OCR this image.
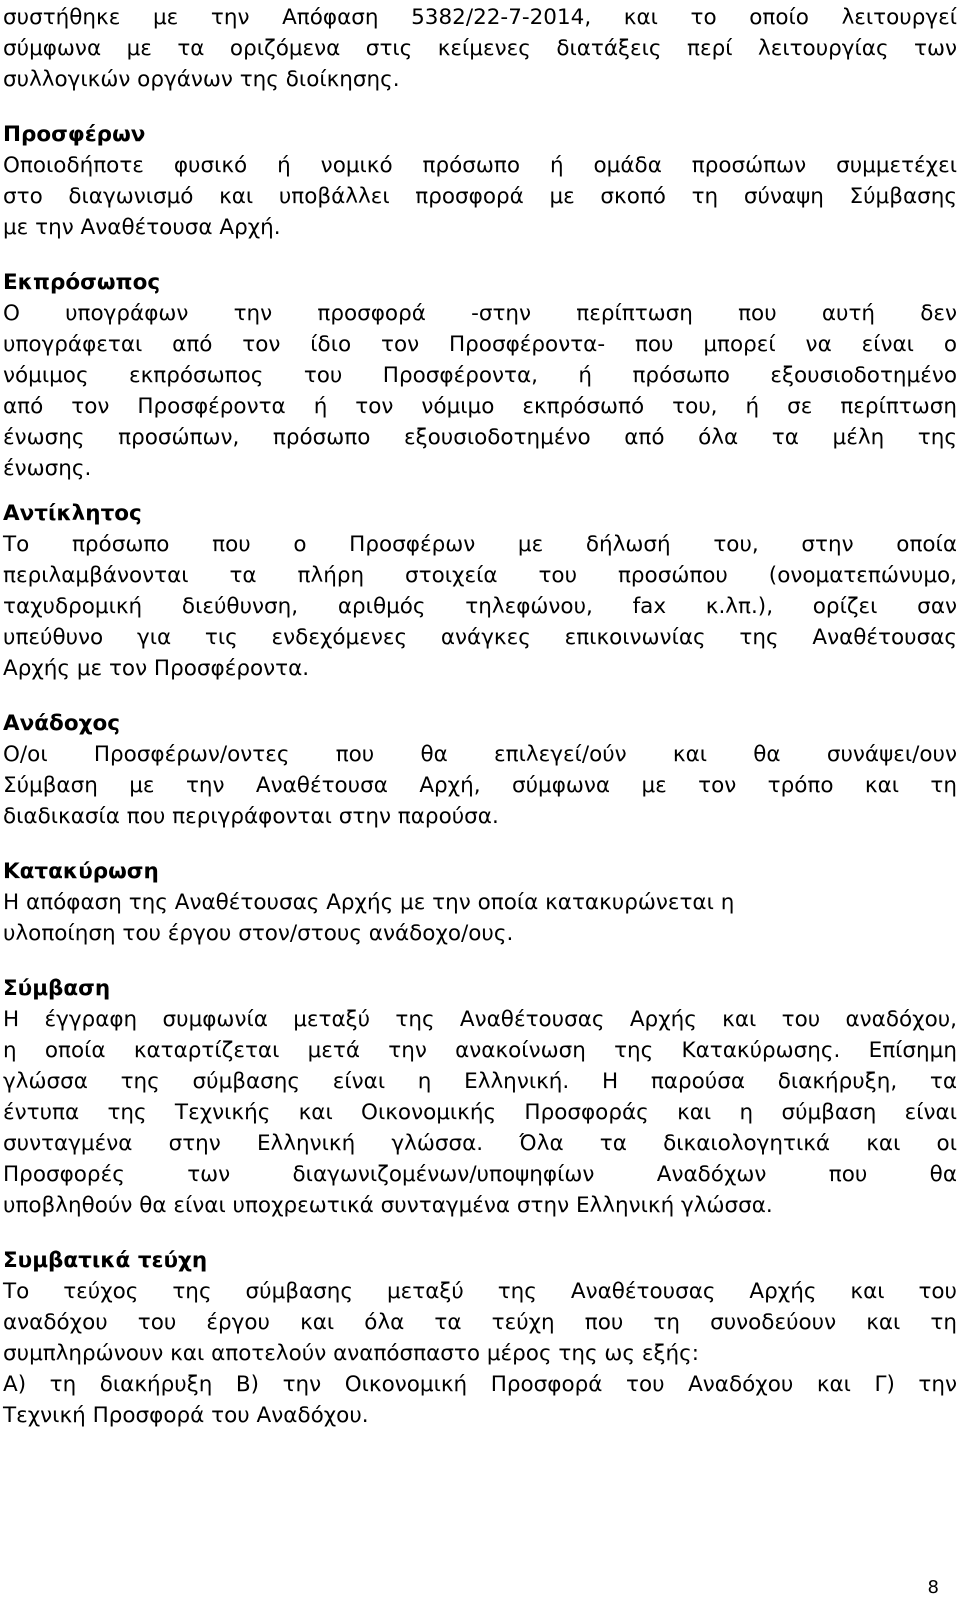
συστήθηκε με την Απόφαση 5382/22-7-2014, και το οποίο λειτουργεί
σύμφωνα με τα οριζόμενα στις κείμενες διατάξεις περί λειτουργίας των
συλλογικών οργάνων της διοίκησης.
Προσφέρων
Οποιοδήποτε φυσικό ή νομικό πρόσωπο ή ομάδα προσώπων συμμετέχει
στο διαγωνισμό και υποβάλλει προσφορά με σκοπό τη σύναψη Σύμβασης
με την Αναθέτουσα Αρχή.
Εκπρόσωπος
Ο υπογράφων την προσφορά -στην περίπτωση που αυτή δεν
υπογράφεται από τον ίδιο τον Προσφέροντα- που μπορεί να είναι ο
νόμιμος εκπρόσωπος του Προσφέροντα, ή πρόσωπο εξουσιοδοτημένο
από τον Προσφέροντα ή τον νόμιμο εκπρόσωπό του, ή σε περίπτωση
ένωσης προσώπων, πρόσωπο εξουσιοδοτημένο από όλα τα μέλη της
ένωσης.
Αντίκλητος
Το πρόσωπο που ο Προσφέρων με δήλωσή του, στην οποία
περιλαμβάνονται τα πλήρη στοιχεία του προσώπου (ονοματεπώνυμο,
ταχυδρομική διεύθυνση, αριθμός τηλεφώνου, fax κ.λπ.), ορίζει σαν
υπεύθυνο για τις ενδεχόμενες ανάγκες επικοινωνίας της Αναθέτουσας
Αρχής με τον Προσφέροντα.
Ανάδοχος
Ο/οι Προσφέρων/οντες που θα επιλεγεί/ούν και θα συνάψει/ουν
Σύμβαση με την Αναθέτουσα Αρχή, σύμφωνα με τον τρόπο και τη
διαδικασία που περιγράφονται στην παρούσα.
Κατακύρωση
Η απόφαση της Αναθέτουσας Αρχής με την οποία κατακυρώνεται η
υλοποίηση του έργου στον/στους ανάδοχο/ους.
Σύμβαση
Η έγγραφη συμφωνία μεταξύ της Αναθέτουσας Αρχής και του αναδόχου,
η οποία καταρτίζεται μετά την ανακοίνωση της Κατακύρωσης. Επίσημη
γλώσσα της σύμβασης είναι η Ελληνική. Η παρούσα διακήρυξη, τα
έντυπα της Τεχνικής και Οικονομικής Προσφοράς και η σύμβαση είναι
συνταγμένα στην Ελληνική γλώσσα. Όλα τα δικαιολογητικά και οι
Προσφορές των διαγωνιζομένων/υποψηφίων Αναδόχων που θα
υποβληθούν θα είναι υποχρεωτικά συνταγμένα στην Ελληνική γλώσσα.
Συμβατικά τεύχη
Το τεύχος της σύμβασης μεταξύ της Αναθέτουσας Αρχής και του
αναδόχου του έργου και όλα τα τεύχη που τη συνοδεύουν και τη
συμπληρώνουν και αποτελούν αναπόσπαστο μέρος της ως εξής:
Α) τη διακήρυξη Β) την Οικονομική Προσφορά του Αναδόχου και Γ) την
Τεχνική Προσφορά του Αναδόχου.
8
